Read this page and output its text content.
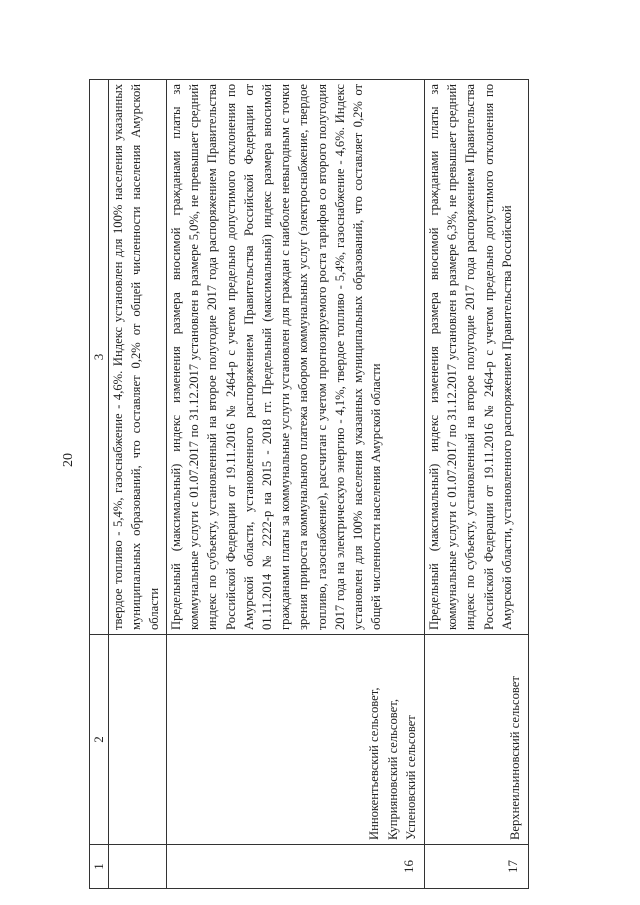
20
1
2
3 твердое топливо - 5,4%, газоснабжение - 4,6%. Индекс установлен для 100% населения указанных муниципальных образований, что составляет 0,2% от общей численности населения Амурской области

16
Иннокентьевский сельсовет, Куприяновский сельсовет, Успеновский сельсовет

Предельный (максимальный) индекс изменения размера вносимой гражданами платы за коммунальные услуги с 01.07.2017 по 31.12.2017 установлен в размере 5,0%, не превышает средний индекс по субъекту, установленный на второе полугодие 2017 года распоряжением Правительства Российской Федерации от 19.11.2016 № 2464-р с учетом предельно допустимого отклонения по Амурской области, установленного распоряжением Правительства Российской Федерации от 01.11.2014 № 2222-р на 2015 - 2018 гг. Предельный (максимальный) индекс размера вносимой гражданами платы за коммунальные услуги установлен для граждан с наиболее невыгодным с точки зрения прироста коммунального платежа набором коммунальных услуг (электроснабжение, твердое топливо, газоснабжение), рассчитан с учетом прогнозируемого роста тарифов со второго полугодия 2017 года на электрическую энергию - 4,1%, твердое топливо - 5,4%, газоснабжение - 4,6%. Индекс установлен для 100% населения указанных муниципальных образований, что составляет 0,2% от общей численности населения Амурской области

17
Верхнеильиновский сельсовет

Предельный (максимальный) индекс изменения размера вносимой гражданами платы за коммунальные услуги с 01.07.2017 по 31.12.2017 установлен в размере 6,3%, не превышает средний индекс по субъекту, установленный на второе полугодие 2017 года распоряжением Правительства Российской Федерации от 19.11.2016 № 2464-р с учетом предельно допустимого отклонения по Амурской области, установленного распоряжением Правительства Российской
